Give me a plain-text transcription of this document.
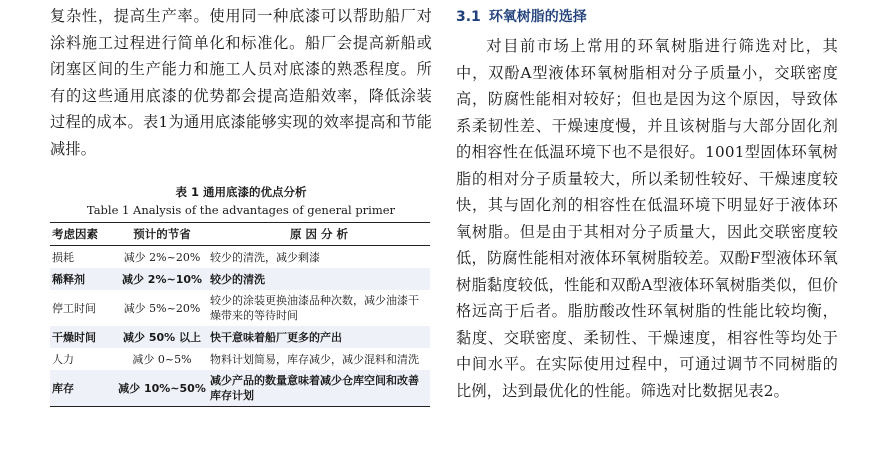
复杂性，提高生产率。使用同一种底漆可以帮助船厂对涂料施工过程进行简单化和标准化。船厂会提高新船或闭塞区间的生产能力和施工人员对底漆的熟悉程度。所有的这些通用底漆的优势都会提高造船效率，降低涂装过程的成本。表1为通用底漆能够实现的效率提高和节能减排。

表 1 通用底漆的优点分析

Table 1 Analysis of the advantages of general primer

考虑因素	预计的节省	原 因 分 析
损耗	减少 2%~20%	较少的清洗，减少剩漆
稀释剂	减少 2%~10%	较少的清洗
停工时间	减少 5%~20%	较少的涂装更换油漆品种次数，减少油漆干燥带来的等待时间

干燥时间	减少 50% 以上	快干意味着船厂更多的产出
人力	减少 0~5%	物料计划简易，库存减少，减少混料和清洗

库存	减少 10%~50%	减少产品的数量意味着减少仓库空间和改善库存计划
3.1 环氧树脂的选择

对目前市场上常用的环氧树脂进行筛选对比，其中，双酚A型液体环氧树脂相对分子质量小，交联密度高，防腐性能相对较好；但也是因为这个原因，导致体系柔韧性差、干燥速度慢，并且该树脂与大部分固化剂的相容性在低温环境下也不是很好。1001型固体环氧树脂的相对分子质量较大，所以柔韧性较好、干燥速度较快，其与固化剂的相容性在低温环境下明显好于液体环氧树脂。但是由于其相对分子质量大，因此交联密度较低，防腐性能相对液体环氧树脂较差。双酚F型液体环氧树脂黏度较低，性能和双酚A型液体环氧树脂类似，但价格远高于后者。脂肪酸改性环氧树脂的性能比较均衡，黏度、交联密度、柔韧性、干燥速度，相容性等均处于中间水平。在实际使用过程中，可通过调节不同树脂的比例，达到最优化的性能。筛选对比数据见表2。
